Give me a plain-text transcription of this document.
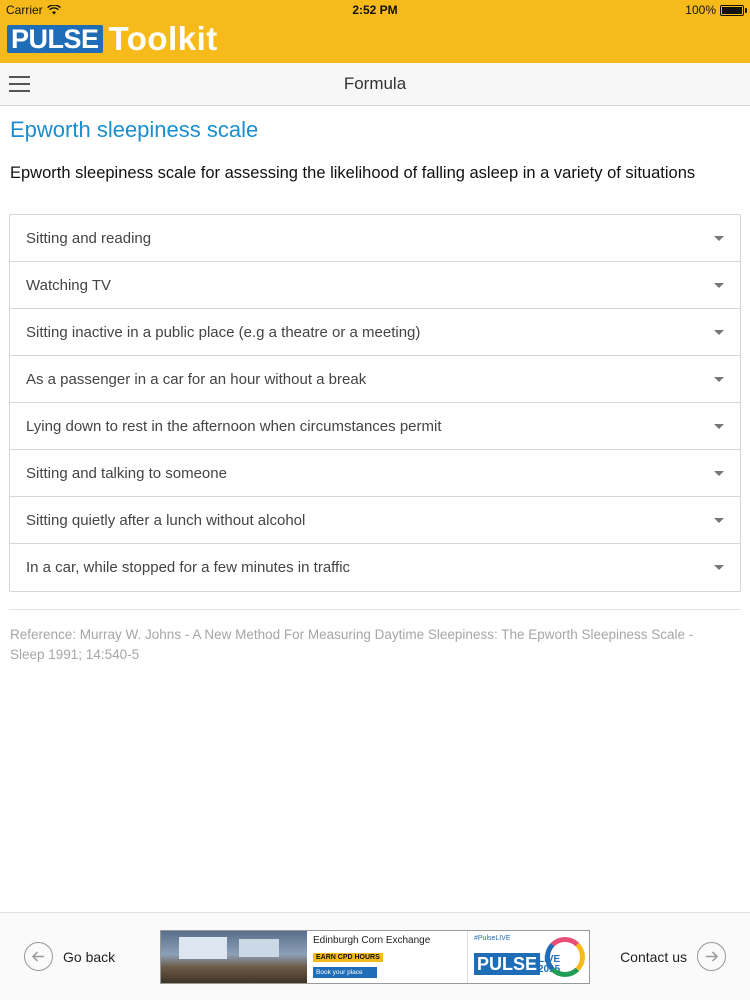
Carrier	2:52 PM	100%
PULSE Toolkit
Formula
Epworth sleepiness scale
Epworth sleepiness scale for assessing the likelihood of falling asleep in a variety of situations
Sitting and reading
Watching TV
Sitting inactive in a public place (e.g a theatre or a meeting)
As a passenger in a car for an hour without a break
Lying down to rest in the afternoon when circumstances permit
Sitting and talking to someone
Sitting quietly after a lunch without alcohol
In a car, while stopped for a few minutes in traffic
Reference: Murray W. Johns - A New Method For Measuring Daytime Sleepiness: The Epworth Sleepiness Scale - Sleep 1991; 14:540-5
Go back
Edinburgh Corn Exchange
EARN CPD HOURS
Book your place
#PulseLIVE
PULSE LIVE
2015
Contact us
